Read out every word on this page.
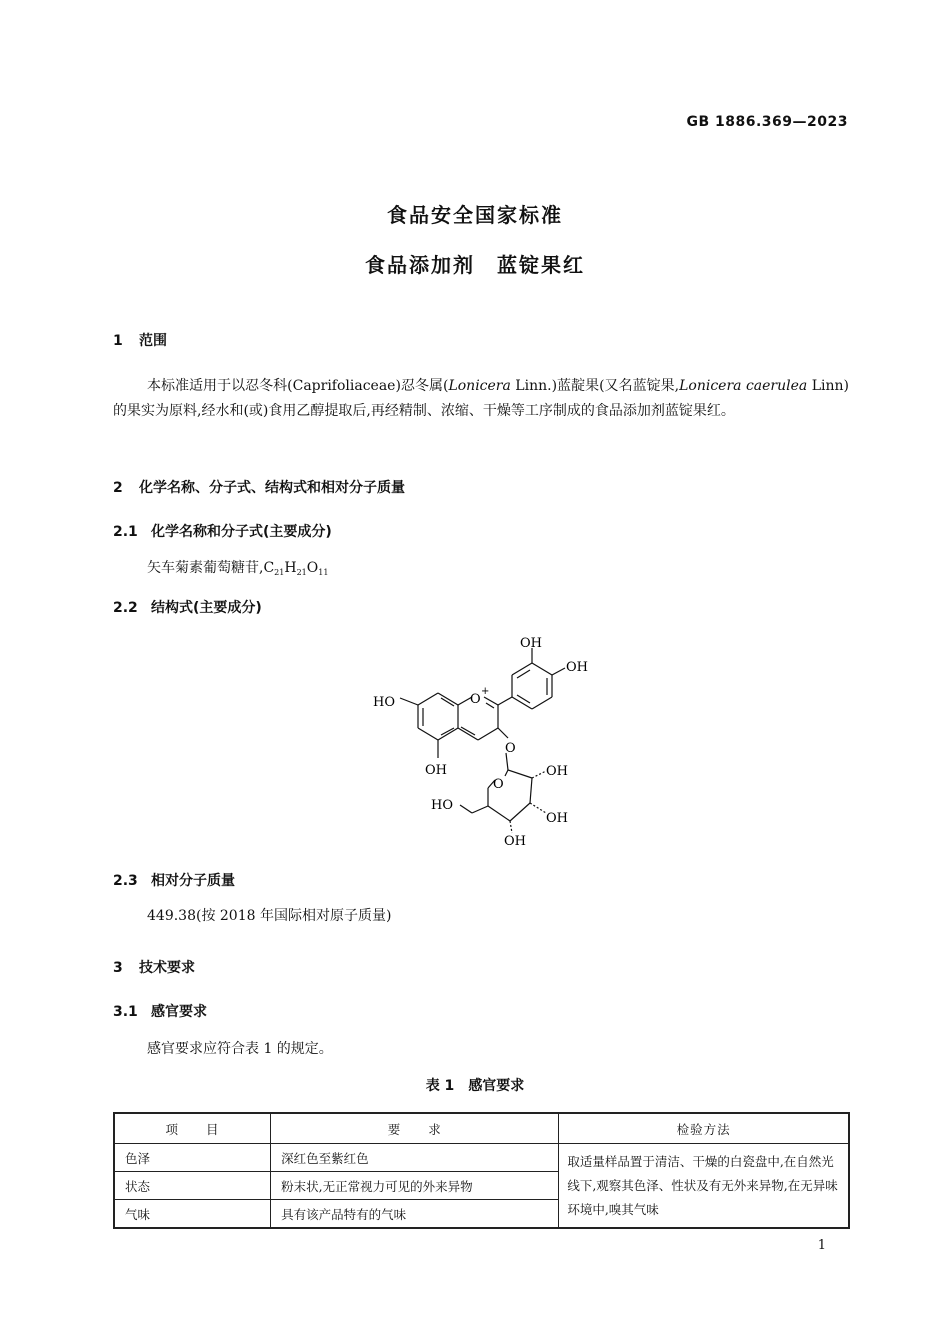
GB 1886.369—2023
食品安全国家标准
食品添加剂　蓝锭果红
1 范围

本标准适用于以忍冬科(Caprifoliaceae)忍冬属(Lonicera Linn.)蓝靛果(又名蓝锭果,Lonicera caerulea Linn)的果实为原料,经水和(或)食用乙醇提取后,再经精制、浓缩、干燥等工序制成的食品添加剂蓝锭果红。

2 化学名称、分子式、结构式和相对分子质量
2.1 化学名称和分子式(主要成分)
矢车菊素葡萄糖苷$,C_{21}H_{21}O_{11}$
2.2 结构式(主要成分)
OH
OH
HO	O
+
OH
O
O
OH
OH
OH
HO
2.3 相对分子质量
449.38(按 2018 年国际相对原子质量)
3 技术要求
3.1 感官要求
感官要求应符合表 1 的规定。
表 1 感官要求
项　　目	要　　求	检验方法
色泽	深红色至紫红色	取适量样品置于清洁、干燥的白瓷盘中,在自然光线下,观察其色泽、性状及有无外来异物,在无异味环境中,嗅其气味
状态	粉末状,无正常视力可见的外来异物	
气味	具有该产品特有的气味	
1
